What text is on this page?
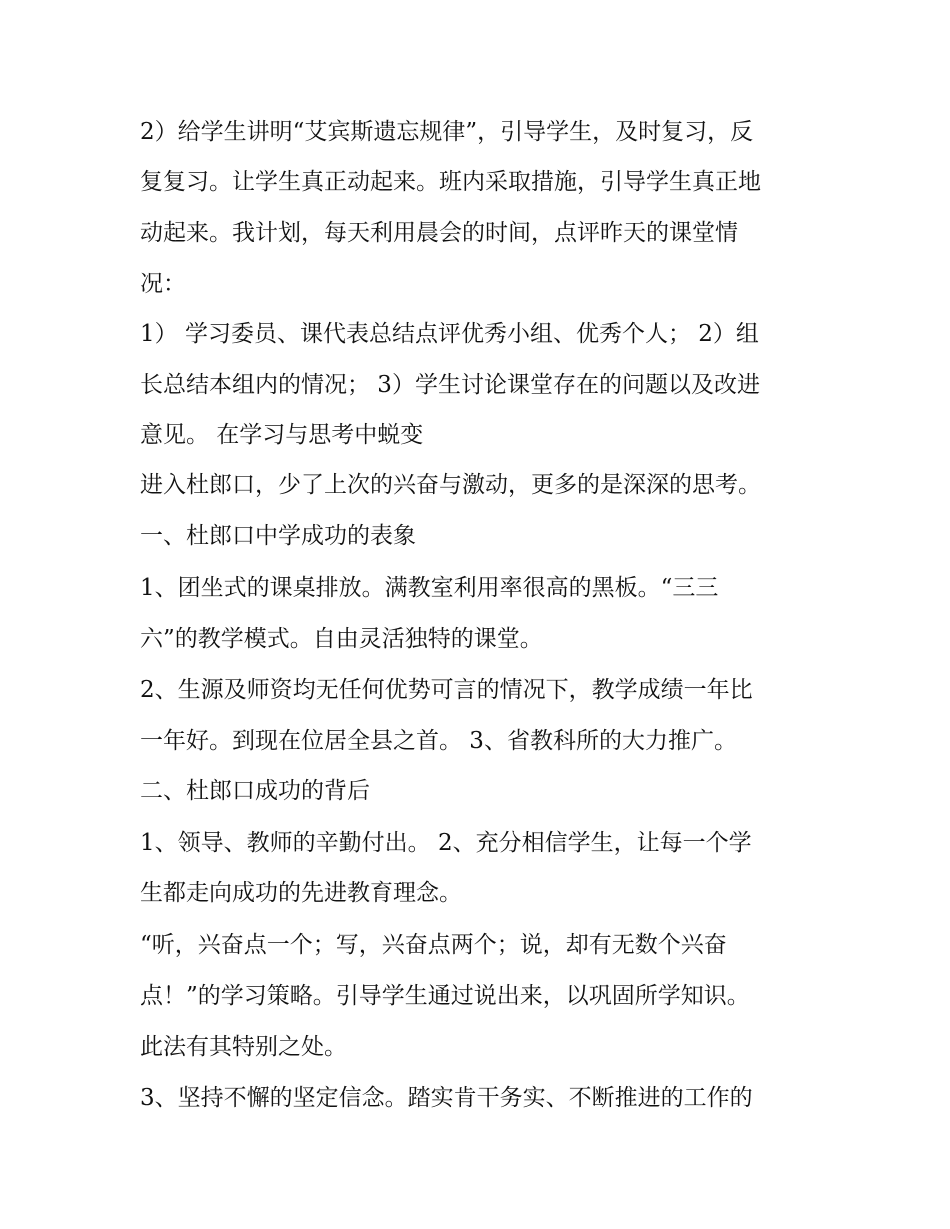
2）给学生讲明“艾宾斯遗忘规律”，引导学生，及时复习，反
复复习。让学生真正动起来。班内采取措施，引导学生真正地
动起来。我计划，每天利用晨会的时间，点评昨天的课堂情
况：
1） 学习委员、课代表总结点评优秀小组、优秀个人； 2）组
长总结本组内的情况； 3）学生讨论课堂存在的问题以及改进
意见。 在学习与思考中蜕变
进入杜郎口，少了上次的兴奋与激动，更多的是深深的思考。
一、杜郎口中学成功的表象
1、团坐式的课桌排放。满教室利用率很高的黑板。“三三
六”的教学模式。自由灵活独特的课堂。
2、生源及师资均无任何优势可言的情况下，教学成绩一年比
一年好。到现在位居全县之首。 3、省教科所的大力推广。
二、杜郎口成功的背后
1、领导、教师的辛勤付出。 2、充分相信学生，让每一个学
生都走向成功的先进教育理念。
“听，兴奋点一个；写，兴奋点两个；说，却有无数个兴奋
点！”的学习策略。引导学生通过说出来，以巩固所学知识。
此法有其特别之处。
3、坚持不懈的坚定信念。踏实肯干务实、不断推进的工作的
